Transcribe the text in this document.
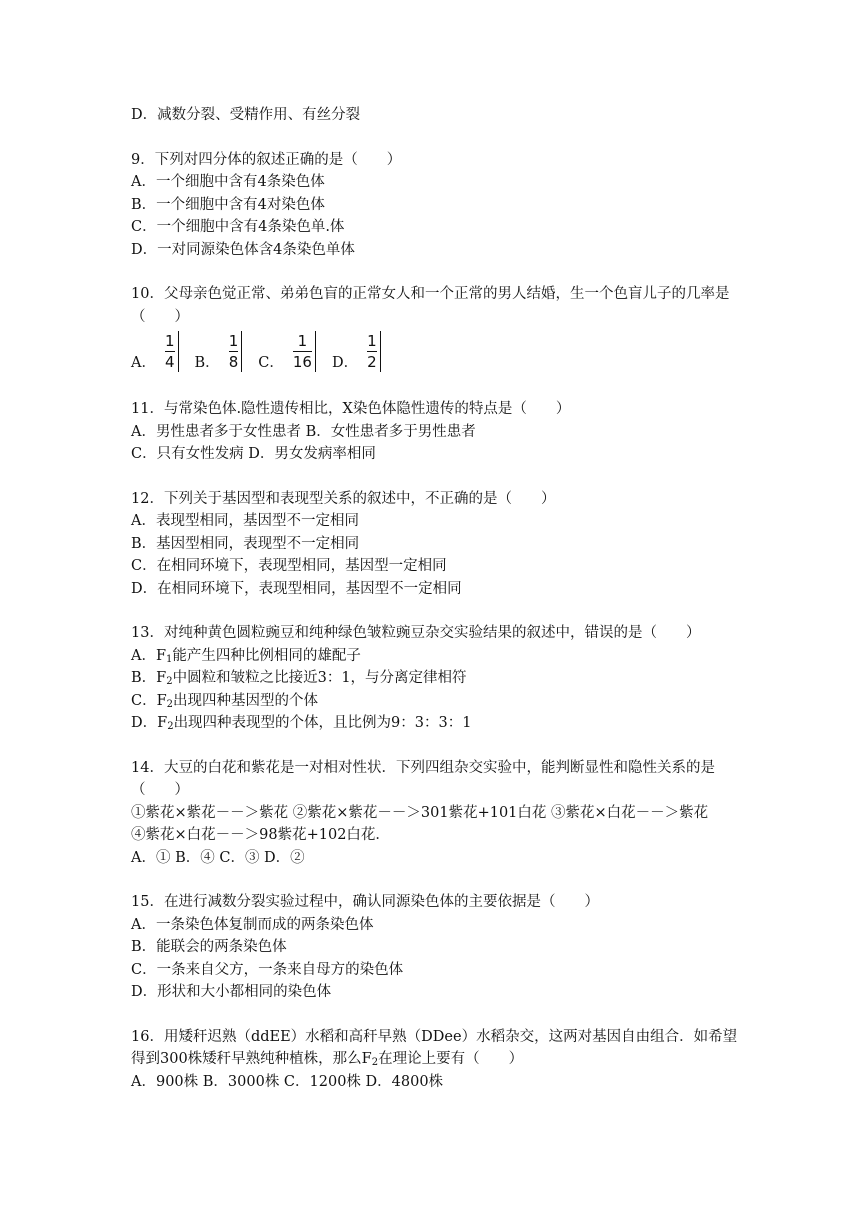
D．减数分裂、受精作用、有丝分裂
9．下列对四分体的叙述正确的是（　　）
A．一个细胞中含有4条染色体
B．一个细胞中含有4对染色体
C．一个细胞中含有4条染色单.体
D．一对同源染色体含4条染色单体
10．父母亲色觉正常、弟弟色盲的正常女人和一个正常的男人结婚，生一个色盲儿子的几率是（　　）
A． $\frac{1}{4}$ B． $\frac{1}{8}$ C． $\frac{1}{16}$ D． $\frac{1}{2}$
11．与常染色体.隐性遗传相比，X染色体隐性遗传的特点是（　　）
A．男性患者多于女性患者 B．女性患者多于男性患者
C．只有女性发病 D．男女发病率相同
12．下列关于基因型和表现型关系的叙述中，不正确的是（　　）
A．表现型相同，基因型不一定相同
B．基因型相同，表现型不一定相同
C．在相同环境下，表现型相同，基因型一定相同
D．在相同环境下，表现型相同，基因型不一定相同
13．对纯种黄色圆粒豌豆和纯种绿色皱粒豌豆杂交实验结果的叙述中，错误的是（　　）
A．$F_1$能产生四种比例相同的雄配子
B．$F_2$中圆粒和皱粒之比接近3：1，与分离定律相符
C．$F_2$出现四种基因型的个体
D．$F_2$出现四种表现型的个体，且比例为9：3：3：1
14．大豆的白花和紫花是一对相对性状．下列四组杂交实验中，能判断显性和隐性关系的是（　　）
①紫花×紫花－－＞紫花 ②紫花×紫花－－＞301紫花+101白花 ③紫花×白花－－＞紫花
④紫花×白花－－＞98紫花+102白花．
A．① B．④ C．③ D．②
15．在进行减数分裂实验过程中，确认同源染色体的主要依据是（　　）
A．一条染色体复制而成的两条染色体
B．能联会的两条染色体
C．一条来自父方，一条来自母方的染色体
D．形状和大小都相同的染色体
16．用矮秆迟熟（ddEE）水稻和高秆早熟（DDee）水稻杂交，这两对基因自由组合．如希望得到300株矮秆早熟纯种植株，那么$F_2$在理论上要有（　　）
A．900株 B．3000株 C．1200株 D．4800株
